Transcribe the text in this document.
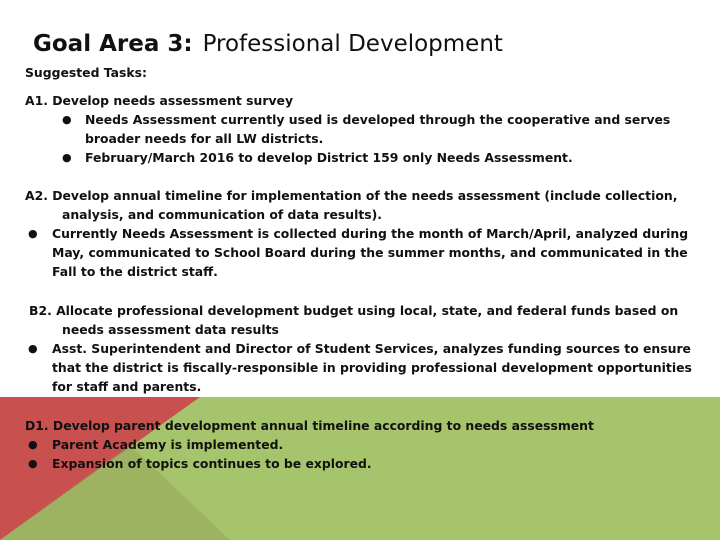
Goal Area 3: Professional Development
Suggested Tasks:
A1. Develop needs assessment survey
● Needs Assessment currently used is developed through the cooperative and serves
broader needs for all LW districts.
● February/March 2016 to develop District 159 only Needs Assessment.
A2. Develop annual timeline for implementation of the needs assessment (include collection,
analysis, and communication of data results).
● Currently Needs Assessment is collected during the month of March/April, analyzed during
May, communicated to School Board during the summer months, and communicated in the
Fall to the district staff.
B2. Allocate professional development budget using local, state, and federal funds based on
needs assessment data results
● Asst. Superintendent and Director of Student Services, analyzes funding sources to ensure
that the district is fiscally-responsible in providing professional development opportunities
for staff and parents.
D1. Develop parent development annual timeline according to needs assessment
● Parent Academy is implemented.
● Expansion of topics continues to be explored.
